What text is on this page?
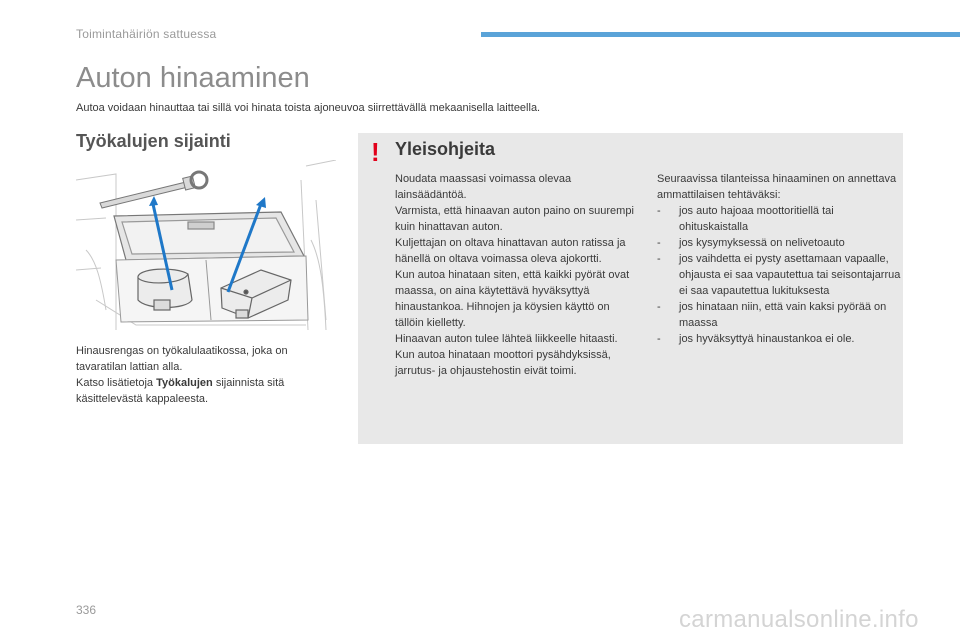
Toimintahäiriön sattuessa
Auton hinaaminen
Autoa voidaan hinauttaa tai sillä voi hinata toista ajoneuvoa siirrettävällä mekaanisella laitteella.
Työkalujen sijainti
Hinausrengas on työkalulaatikossa, joka on tavaratilan lattian alla.
Katso lisätietoja Työkalujen sijainnista sitä käsittelevästä kappaleesta.
! Yleisohjeita

Noudata maassasi voimassa olevaa lainsäädäntöä.

Varmista, että hinaavan auton paino on suurempi kuin hinattavan auton.

Kuljettajan on oltava hinattavan auton ratissa ja hänellä on oltava voimassa oleva ajokortti.

Kun autoa hinataan siten, että kaikki pyörät ovat maassa, on aina käytettävä hyväksyttyä hinaustankoa. Hihnojen ja köysien käyttö on tällöin kielletty.

Hinaavan auton tulee lähteä liikkeelle hitaasti.

Kun autoa hinataan moottori pysähdyksissä, jarrutus- ja ohjaustehostin eivät toimi.

Seuraavissa tilanteissa hinaaminen on annettava ammattilaisen tehtäväksi:

- jos auto hajoaa moottoritiellä tai ohituskaistalla
- jos kysymyksessä on nelivetoauto
- jos vaihdetta ei pysty asettamaan vapaalle, ohjausta ei saa vapautettua tai seisontajarrua ei saa vapautettua lukituksesta
- jos hinataan niin, että vain kaksi pyörää on maassa
- jos hyväksyttyä hinaustankoa ei ole.
336	carmanualsonline.info
